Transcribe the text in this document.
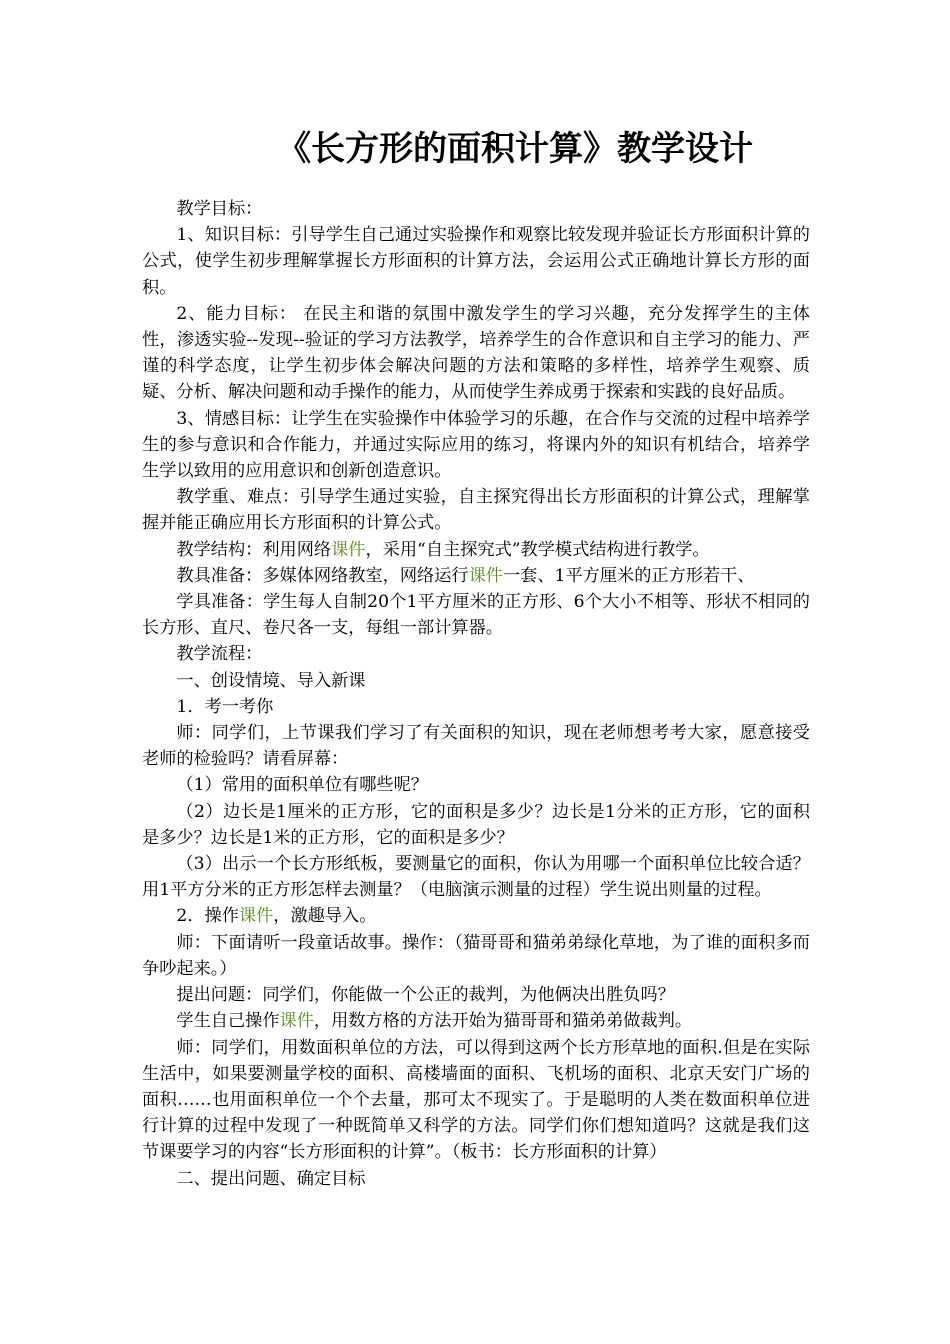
《长方形的面积计算》教学设计

教学目标：

1、知识目标：引导学生自己通过实验操作和观察比较发现并验证长方形面积计算的公式，使学生初步理解掌握长方形面积的计算方法，会运用公式正确地计算长方形的面积。

2、能力目标： 在民主和谐的氛围中激发学生的学习兴趣，充分发挥学生的主体性，渗透实验--发现--验证的学习方法教学，培养学生的合作意识和自主学习的能力、严谨的科学态度，让学生初步体会解决问题的方法和策略的多样性，培养学生观察、质疑、分析、解决问题和动手操作的能力，从而使学生养成勇于探索和实践的良好品质。

3、情感目标：让学生在实验操作中体验学习的乐趣，在合作与交流的过程中培养学生的参与意识和合作能力，并通过实际应用的练习，将课内外的知识有机结合，培养学生学以致用的应用意识和创新创造意识。

教学重、难点：引导学生通过实验，自主探究得出长方形面积的计算公式，理解掌握并能正确应用长方形面积的计算公式。

教学结构：利用网络课件，采用“自主探究式”教学模式结构进行教学。

教具准备：多媒体网络教室，网络运行课件一套、1平方厘米的正方形若干、

学具准备：学生每人自制20个1平方厘米的正方形、6个大小不相等、形状不相同的长方形、直尺、卷尺各一支，每组一部计算器。

教学流程：

一、创设情境、导入新课

1．考一考你

师：同学们，上节课我们学习了有关面积的知识，现在老师想考考大家，愿意接受老师的检验吗？请看屏幕：

（1）常用的面积单位有哪些呢？

（2）边长是1厘米的正方形，它的面积是多少？边长是1分米的正方形，它的面积是多少？边长是1米的正方形，它的面积是多少？

（3）出示一个长方形纸板，要测量它的面积，你认为用哪一个面积单位比较合适？用1平方分米的正方形怎样去测量？（电脑演示测量的过程）学生说出则量的过程。

2．操作课件，激趣导入。

师：下面请听一段童话故事。操作：（猫哥哥和猫弟弟绿化草地，为了谁的面积多而争吵起来。）

提出问题：同学们，你能做一个公正的裁判，为他俩决出胜负吗？

学生自己操作课件，用数方格的方法开始为猫哥哥和猫弟弟做裁判。

师：同学们，用数面积单位的方法，可以得到这两个长方形草地的面积.但是在实际生活中，如果要测量学校的面积、高楼墙面的面积、飞机场的面积、北京天安门广场的面积……也用面积单位一个个去量，那可太不现实了。于是聪明的人类在数面积单位进行计算的过程中发现了一种既简单又科学的方法。同学们你们想知道吗？这就是我们这节课要学习的内容“长方形面积的计算”。（板书：长方形面积的计算）

二、提出问题、确定目标
